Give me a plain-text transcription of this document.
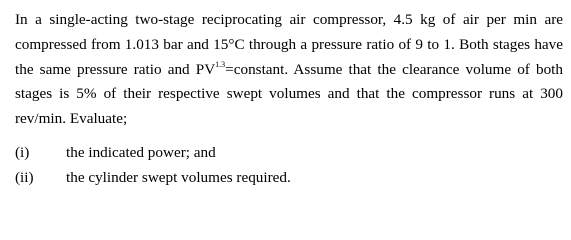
In a single-acting two-stage reciprocating air compressor, 4.5 kg of air per min are compressed from 1.013 bar and 15°C through a pressure ratio of 9 to 1. Both stages have the same pressure ratio and $PV^{1.3}=constant$. Assume that the clearance volume of both stages is 5% of their respective swept volumes and that the compressor runs at 300 rev/min. Evaluate;

(i) the indicated power; and
(ii) the cylinder swept volumes required.
